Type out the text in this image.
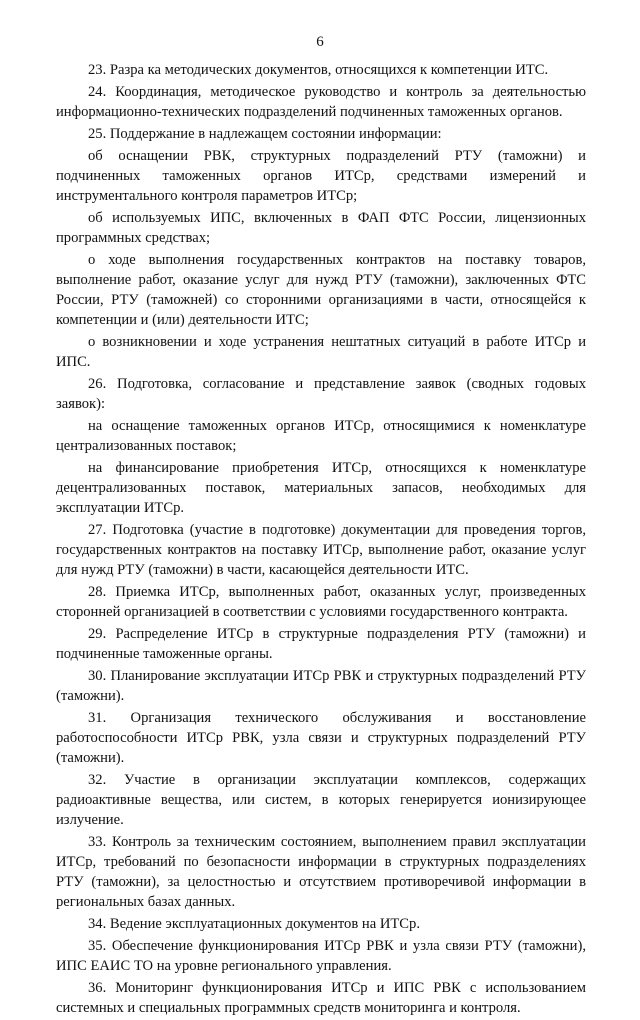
6

23. Разра ка методических документов, относящихся к компетенции ИТС.

24. Координация, методическое руководство и контроль за деятельностью информационно-технических подразделений подчиненных таможенных органов.

25. Поддержание в надлежащем состоянии информации:

об оснащении РВК, структурных подразделений РТУ (таможни) и подчиненных таможенных органов ИТСр, средствами измерений и инструментального контроля параметров ИТСр;

об используемых ИПС, включенных в ФАП ФТС России, лицензионных программных средствах;

о ходе выполнения государственных контрактов на поставку товаров, выполнение работ, оказание услуг для нужд РТУ (таможни), заключенных ФТС России, РТУ (таможней) со сторонними организациями в части, относящейся к компетенции и (или) деятельности ИТС;

о возникновении и ходе устранения нештатных ситуаций в работе ИТСр и ИПС.

26. Подготовка, согласование и представление заявок (сводных годовых заявок):

на оснащение таможенных органов ИТСр, относящимися к номенклатуре централизованных поставок;

на финансирование приобретения ИТСр, относящихся к номенклатуре децентрализованных поставок, материальных запасов, необходимых для эксплуатации ИТСр.

27. Подготовка (участие в подготовке) документации для проведения торгов, государственных контрактов на поставку ИТСр, выполнение работ, оказание услуг для нужд РТУ (таможни) в части, касающейся деятельности ИТС.

28. Приемка ИТСр, выполненных работ, оказанных услуг, произведенных сторонней организацией в соответствии с условиями государственного контракта.

29. Распределение ИТСр в структурные подразделения РТУ (таможни) и подчиненные таможенные органы.

30. Планирование эксплуатации ИТСр РВК и структурных подразделений РТУ (таможни).

31. Организация технического обслуживания и восстановление работоспособности ИТСр РВК, узла связи и структурных подразделений РТУ (таможни).

32. Участие в организации эксплуатации комплексов, содержащих радиоактивные вещества, или систем, в которых генерируется ионизирующее излучение.

33. Контроль за техническим состоянием, выполнением правил эксплуатации ИТСр, требований по безопасности информации в структурных подразделениях РТУ (таможни), за целостностью и отсутствием противоречивой информации в региональных базах данных.

34. Ведение эксплуатационных документов на ИТСр.

35. Обеспечение функционирования ИТСр РВК и узла связи РТУ (таможни), ИПС ЕАИС ТО на уровне регионального управления.

36. Мониторинг функционирования ИТСр и ИПС РВК с использованием системных и специальных программных средств мониторинга и контроля.
